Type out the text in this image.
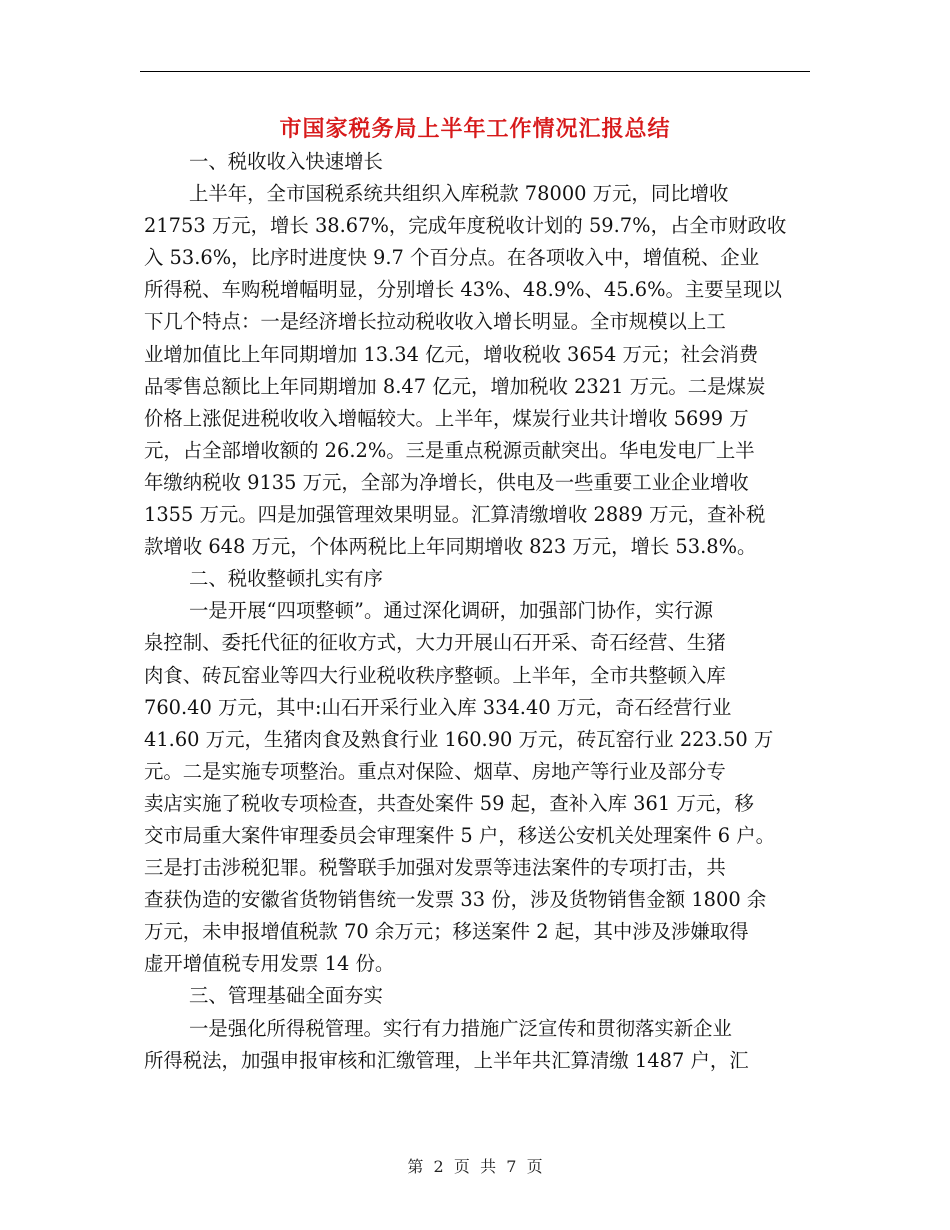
市国家税务局上半年工作情况汇报总结
一、税收收入快速增长
上半年，全市国税系统共组织入库税款 78000 万元，同比增收
21753 万元，增长 38.67%，完成年度税收计划的 59.7%，占全市财政收
入 53.6%，比序时进度快 9.7 个百分点。在各项收入中，增值税、企业
所得税、车购税增幅明显，分别增长 43%、48.9%、45.6%。主要呈现以
下几个特点：一是经济增长拉动税收收入增长明显。全市规模以上工
业增加值比上年同期增加 13.34 亿元，增收税收 3654 万元；社会消费
品零售总额比上年同期增加 8.47 亿元，增加税收 2321 万元。二是煤炭
价格上涨促进税收收入增幅较大。上半年，煤炭行业共计增收 5699 万
元，占全部增收额的 26.2%。三是重点税源贡献突出。华电发电厂上半
年缴纳税收 9135 万元，全部为净增长，供电及一些重要工业企业增收
1355 万元。四是加强管理效果明显。汇算清缴增收 2889 万元，查补税
款增收 648 万元，个体两税比上年同期增收 823 万元，增长 53.8%。
二、税收整顿扎实有序
一是开展“四项整顿”。通过深化调研，加强部门协作，实行源
泉控制、委托代征的征收方式，大力开展山石开采、奇石经营、生猪
肉食、砖瓦窑业等四大行业税收秩序整顿。上半年，全市共整顿入库
760.40 万元，其中:山石开采行业入库 334.40 万元，奇石经营行业
41.60 万元，生猪肉食及熟食行业 160.90 万元，砖瓦窑行业 223.50 万
元。二是实施专项整治。重点对保险、烟草、房地产等行业及部分专
卖店实施了税收专项检查，共查处案件 59 起，查补入库 361 万元，移
交市局重大案件审理委员会审理案件 5 户，移送公安机关处理案件 6 户。
三是打击涉税犯罪。税警联手加强对发票等违法案件的专项打击，共
查获伪造的安徽省货物销售统一发票 33 份，涉及货物销售金额 1800 余
万元，未申报增值税款 70 余万元；移送案件 2 起，其中涉及涉嫌取得
虚开增值税专用发票 14 份。
三、管理基础全面夯实
一是强化所得税管理。实行有力措施广泛宣传和贯彻落实新企业
所得税法，加强申报审核和汇缴管理，上半年共汇算清缴 1487 户，汇
第  2  页  共  7  页
